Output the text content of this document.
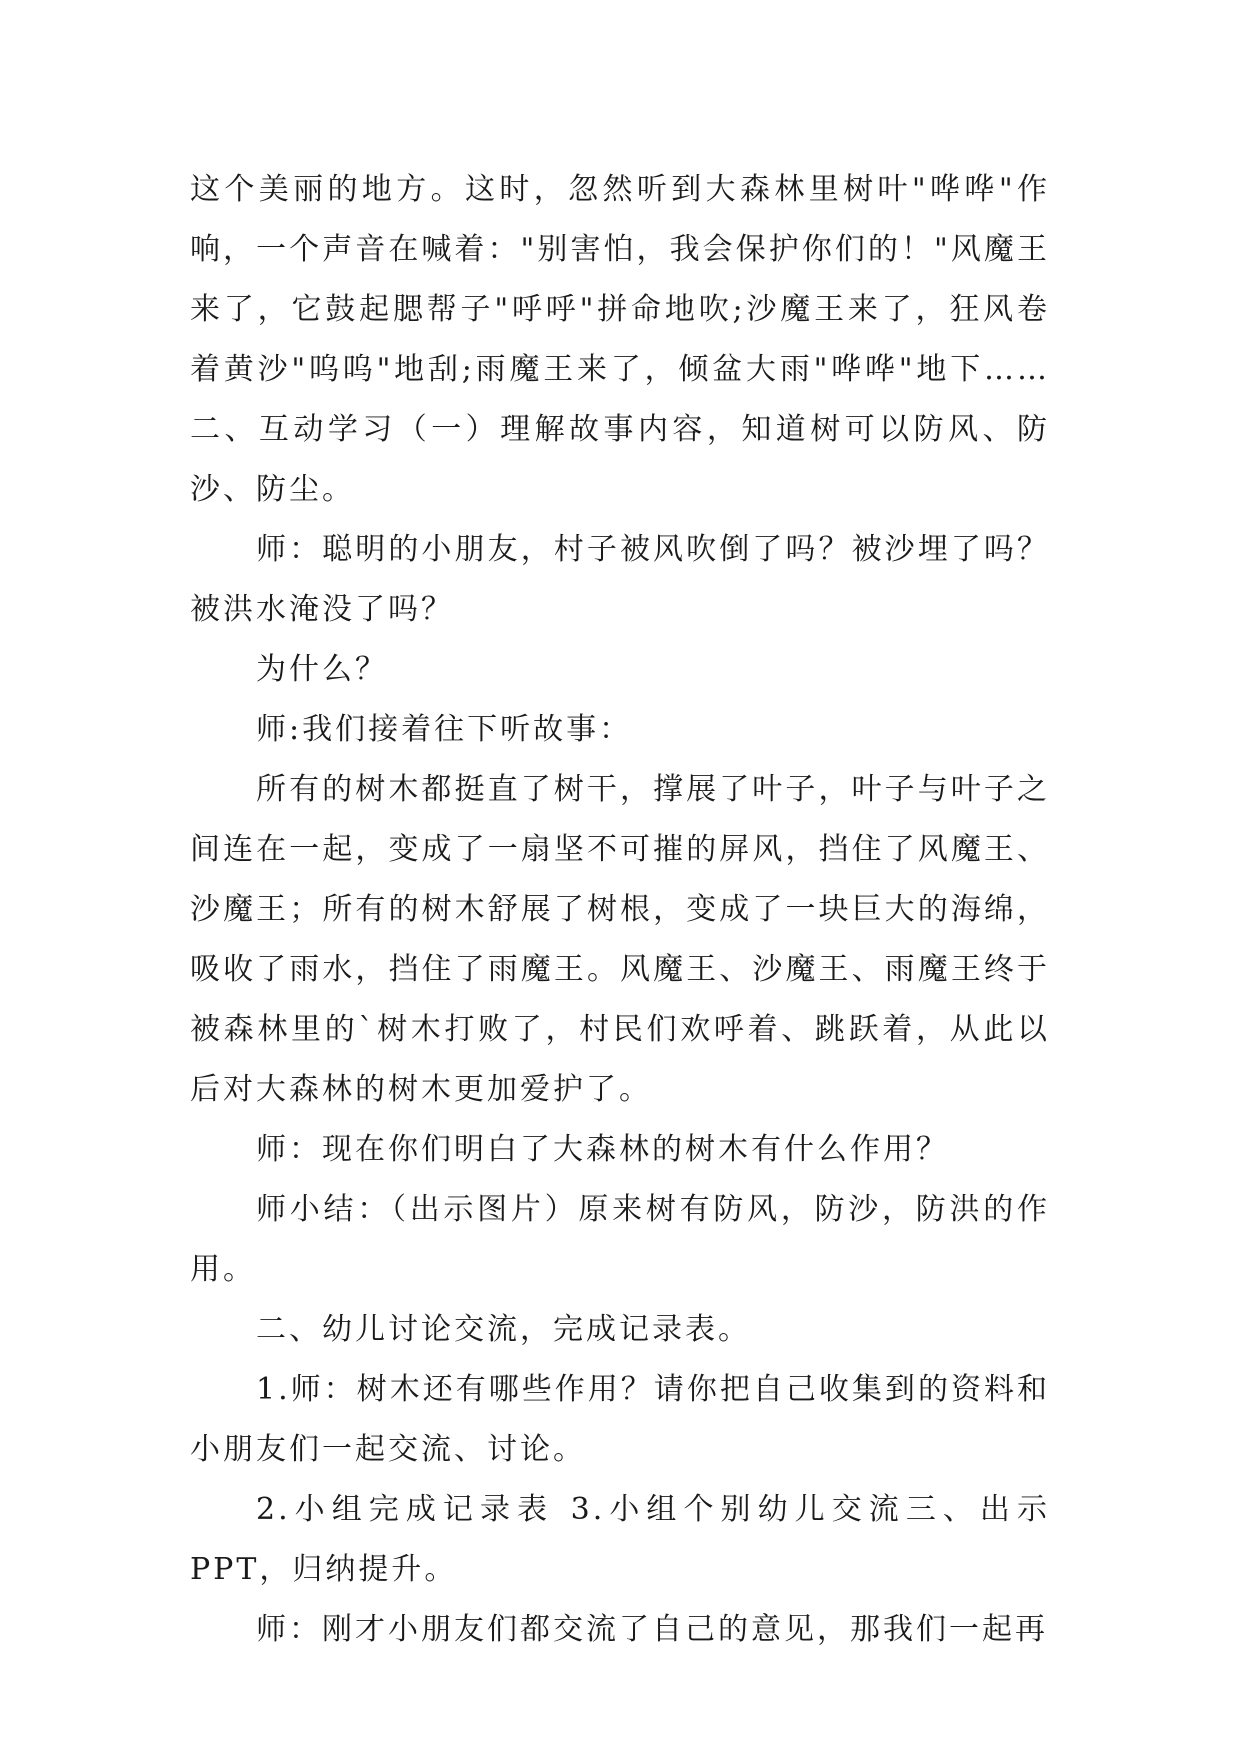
这个美丽的地方。这时，忽然听到大森林里树叶"哗哗"作响，一个声音在喊着："别害怕，我会保护你们的！"风魔王来了，它鼓起腮帮子"呼呼"拼命地吹;沙魔王来了，狂风卷着黄沙"呜呜"地刮;雨魔王来了，倾盆大雨"哗哗"地下……二、互动学习（一）理解故事内容，知道树可以防风、防沙、防尘。

师：聪明的小朋友，村子被风吹倒了吗？被沙埋了吗？被洪水淹没了吗？

为什么？

师:我们接着往下听故事：

所有的树木都挺直了树干，撑展了叶子，叶子与叶子之间连在一起，变成了一扇坚不可摧的屏风，挡住了风魔王、沙魔王；所有的树木舒展了树根，变成了一块巨大的海绵，吸收了雨水，挡住了雨魔王。风魔王、沙魔王、雨魔王终于被森林里的`树木打败了，村民们欢呼着、跳跃着，从此以后对大森林的树木更加爱护了。

师：现在你们明白了大森林的树木有什么作用？

师小结：（出示图片）原来树有防风，防沙，防洪的作用。

二、幼儿讨论交流，完成记录表。

1.师：树木还有哪些作用？请你把自己收集到的资料和小朋友们一起交流、讨论。

2.小组完成记录表 3.小组个别幼儿交流三、出示 PPT，归纳提升。

师：刚才小朋友们都交流了自己的意见，那我们一起再
